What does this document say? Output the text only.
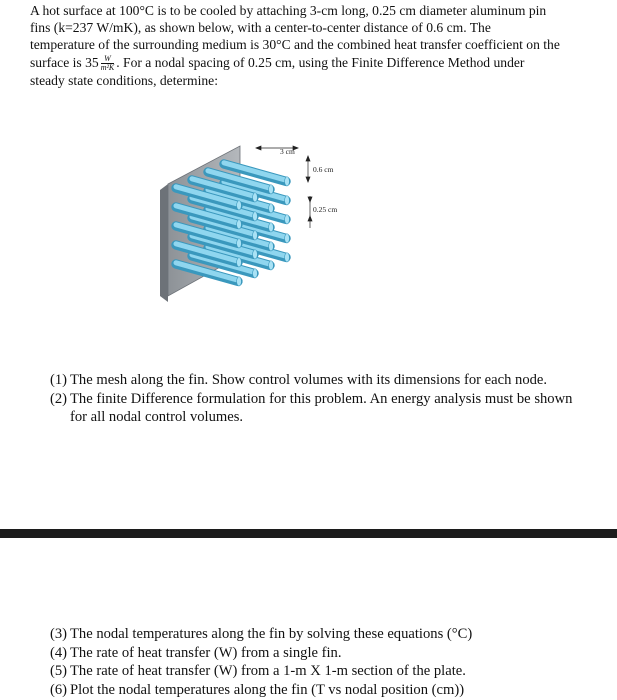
A hot surface at 100°C is to be cooled by attaching 3-cm long, 0.25 cm diameter aluminum pin
fins (k=237 W/mK), as shown below, with a center-to-center distance of 0.6 cm. The
temperature of the surrounding medium is 30°C and the combined heat transfer coefficient on the
surface is $35 \frac{W}{\text{m²K}}$ . For a nodal spacing of 0.25 cm, using the Finite Difference Method under
steady state conditions, determine:
3 cm
0.6 cm
0.25 cm
(1) The mesh along the fin. Show control volumes with its dimensions for each node.
(2) The finite Difference formulation for this problem. An energy analysis must be shown for all nodal control volumes.
(3) The nodal temperatures along the fin by solving these equations (°C)
(4) The rate of heat transfer (W) from a single fin.
(5) The rate of heat transfer (W) from a 1-m X 1-m section of the plate.
(6) Plot the nodal temperatures along the fin (T vs nodal position (cm))
